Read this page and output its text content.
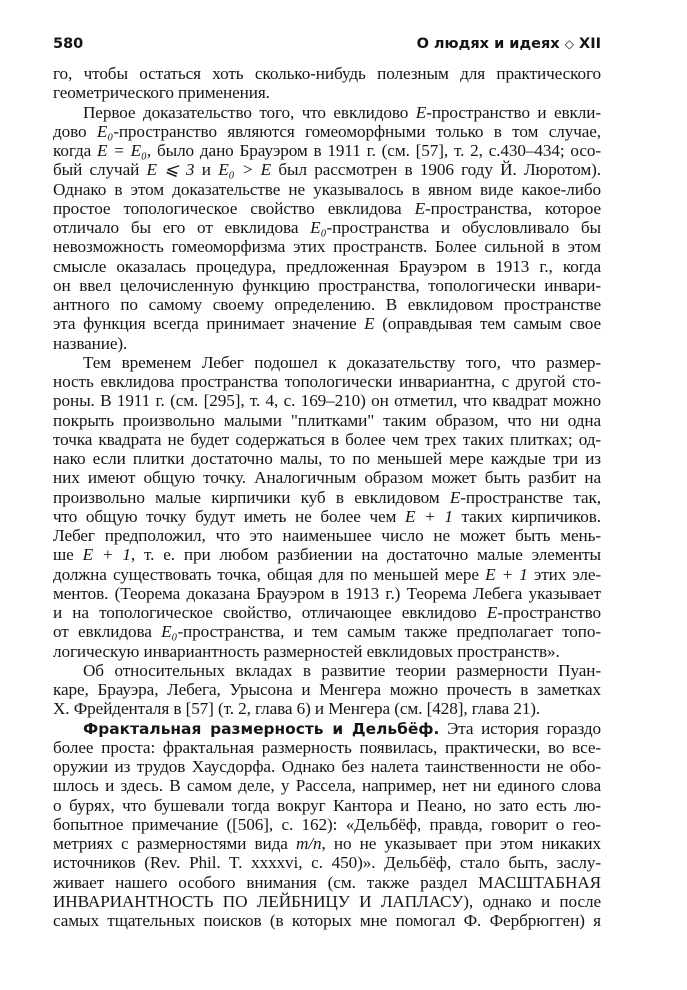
580	О людях и идеях ◇ XII
го, чтобы остаться хоть сколько-нибудь полезным для практического
геометрического применения.
Первое доказательство того, что евклидово E-пространство и евкли-
дово E₀-пространство являются гомеоморфными только в том случае,
когда E = E₀, было дано Брауэром в 1911 г. (см. [57], т. 2, с.430–434; осо-
бый случай E ⩽ 3 и E₀ > E был рассмотрен в 1906 году Й. Люротом).
Однако в этом доказательстве не указывалось в явном виде какое-либо
простое топологическое свойство евклидова E-пространства, которое
отличало бы его от евклидова E₀-пространства и обусловливало бы
невозможность гомеоморфизма этих пространств. Более сильной в этом
смысле оказалась процедура, предложенная Брауэром в 1913 г., когда
он ввел целочисленную функцию пространства, топологически инвари-
антного по самому своему определению. В евклидовом пространстве
эта функция всегда принимает значение E (оправдывая тем самым свое
название).
Тем временем Лебег подошел к доказательству того, что размер-
ность евклидова пространства топологически инвариантна, с другой сто-
роны. В 1911 г. (см. [295], т. 4, с. 169–210) он отметил, что квадрат можно
покрыть произвольно малыми "плитками" таким образом, что ни одна
точка квадрата не будет содержаться в более чем трех таких плитках; од-
нако если плитки достаточно малы, то по меньшей мере каждые три из
них имеют общую точку. Аналогичным образом может быть разбит на
произвольно малые кирпичики куб в евклидовом E-пространстве так,
что общую точку будут иметь не более чем E + 1 таких кирпичиков.
Лебег предположил, что это наименьшее число не может быть мень-
ше E + 1, т. е. при любом разбиении на достаточно малые элементы
должна существовать точка, общая для по меньшей мере E + 1 этих эле-
ментов. (Теорема доказана Брауэром в 1913 г.) Теорема Лебега указывает
и на топологическое свойство, отличающее евклидово E-пространство
от евклидова E₀-пространства, и тем самым также предполагает топо-
логическую инвариантность размерностей евклидовых пространств».
Об относительных вкладах в развитие теории размерности Пуан-
каре, Брауэра, Лебега, Урысона и Менгера можно прочесть в заметках
Х. Фрейденталя в [57] (т. 2, глава 6) и Менгера (см. [428], глава 21).
Фрактальная размерность и Дельбёф. Эта история гораздо
более проста: фрактальная размерность появилась, практически, во все-
оружии из трудов Хаусдорфа. Однако без налета таинственности не обо-
шлось и здесь. В самом деле, у Рассела, например, нет ни единого слова
о бурях, что бушевали тогда вокруг Кантора и Пеано, но зато есть лю-
бопытное примечание ([506], с. 162): «Дельбёф, правда, говорит о гео-
метриях с размерностями вида m/n, но не указывает при этом никаких
источников (Rev. Phil. T. xxxxvi, с. 450)». Дельбёф, стало быть, заслу-
живает нашего особого внимания (см. также раздел МАСШТАБНАЯ
ИНВАРИАНТНОСТЬ ПО ЛЕЙБНИЦУ И ЛАПЛАСУ), однако и после
самых тщательных поисков (в которых мне помогал Ф. Фербрюгген) я
